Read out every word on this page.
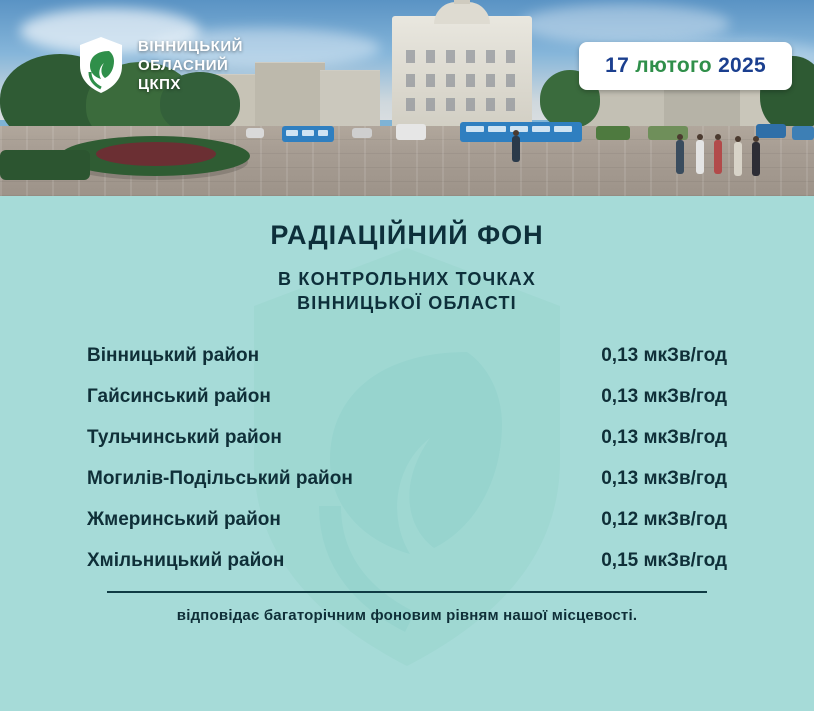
ВІННИЦЬКИЙ
ОБЛАСНИЙ
ЦКПХ
17 лютого 2025
РАДІАЦІЙНИЙ ФОН
В КОНТРОЛЬНИХ ТОЧКАХ
ВІННИЦЬКОЇ ОБЛАСТІ
Вінницький район	0,13 мкЗв/год
Гайсинський район	0,13 мкЗв/год
Тульчинський район	0,13 мкЗв/год
Могилів-Подільський район	0,13 мкЗв/год
Жмеринський район	0,12 мкЗв/год
Хмільницький район	0,15 мкЗв/год
відповідає багаторічним фоновим рівням нашої місцевості.
